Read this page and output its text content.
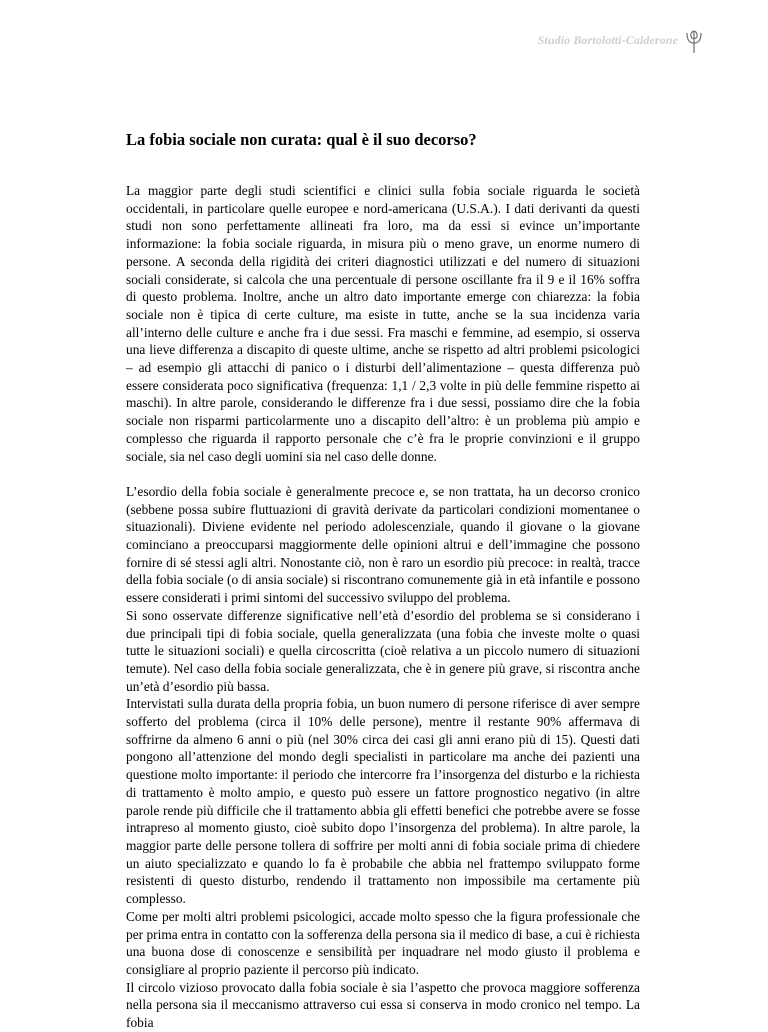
Studio Bortolotti-Calderone
La fobia sociale non curata: qual è il suo decorso?

La maggior parte degli studi scientifici e clinici sulla fobia sociale riguarda le società occidentali, in particolare quelle europee e nord-americana (U.S.A.). I dati derivanti da questi studi non sono perfettamente allineati fra loro, ma da essi si evince un’importante informazione: la fobia sociale riguarda, in misura più o meno grave, un enorme numero di persone. A seconda della rigidità dei criteri diagnostici utilizzati e del numero di situazioni sociali considerate, si calcola che una percentuale di persone oscillante fra il 9 e il 16% soffra di questo problema. Inoltre, anche un altro dato importante emerge con chiarezza: la fobia sociale non è tipica di certe culture, ma esiste in tutte, anche se la sua incidenza varia all’interno delle culture e anche fra i due sessi. Fra maschi e femmine, ad esempio, si osserva una lieve differenza a discapito di queste ultime, anche se rispetto ad altri problemi psicologici – ad esempio gli attacchi di panico o i disturbi dell’alimentazione – questa differenza può essere considerata poco significativa (frequenza: 1,1 / 2,3 volte in più delle femmine rispetto ai maschi). In altre parole, considerando le differenze fra i due sessi, possiamo dire che la fobia sociale non risparmi particolarmente uno a discapito dell’altro: è un problema più ampio e complesso che riguarda il rapporto personale che c’è fra le proprie convinzioni e il gruppo sociale, sia nel caso degli uomini sia nel caso delle donne.

L’esordio della fobia sociale è generalmente precoce e, se non trattata, ha un decorso cronico (sebbene possa subire fluttuazioni di gravità derivate da particolari condizioni momentanee o situazionali). Diviene evidente nel periodo adolescenziale, quando il giovane o la giovane cominciano a preoccuparsi maggiormente delle opinioni altrui e dell’immagine che possono fornire di sé stessi agli altri. Nonostante ciò, non è raro un esordio più precoce: in realtà, tracce della fobia sociale (o di ansia sociale) si riscontrano comunemente già in età infantile e possono essere considerati i primi sintomi del successivo sviluppo del problema.

Si sono osservate differenze significative nell’età d’esordio del problema se si considerano i due principali tipi di fobia sociale, quella generalizzata (una fobia che investe molte o quasi tutte le situazioni sociali) e quella circoscritta (cioè relativa a un piccolo numero di situazioni temute). Nel caso della fobia sociale generalizzata, che è in genere più grave, si riscontra anche un’età d’esordio più bassa.

Intervistati sulla durata della propria fobia, un buon numero di persone riferisce di aver sempre sofferto del problema (circa il 10% delle persone), mentre il restante 90% affermava di soffrirne da almeno 6 anni o più (nel 30% circa dei casi gli anni erano più di 15). Questi dati pongono all’attenzione del mondo degli specialisti in particolare ma anche dei pazienti una questione molto importante: il periodo che intercorre fra l’insorgenza del disturbo e la richiesta di trattamento è molto ampio, e questo può essere un fattore prognostico negativo (in altre parole rende più difficile che il trattamento abbia gli effetti benefici che potrebbe avere se fosse intrapreso al momento giusto, cioè subito dopo l’insorgenza del problema). In altre parole, la maggior parte delle persone tollera di soffrire per molti anni di fobia sociale prima di chiedere un aiuto specializzato e quando lo fa è probabile che abbia nel frattempo sviluppato forme resistenti di questo disturbo, rendendo il trattamento non impossibile ma certamente più complesso.

Come per molti altri problemi psicologici, accade molto spesso che la figura professionale che per prima entra in contatto con la sofferenza della persona sia il medico di base, a cui è richiesta una buona dose di conoscenze e sensibilità per inquadrare nel modo giusto il problema e consigliare al proprio paziente il percorso più indicato.

Il circolo vizioso provocato dalla fobia sociale è sia l’aspetto che provoca maggiore sofferenza nella persona sia il meccanismo attraverso cui essa si conserva in modo cronico nel tempo. La fobia
